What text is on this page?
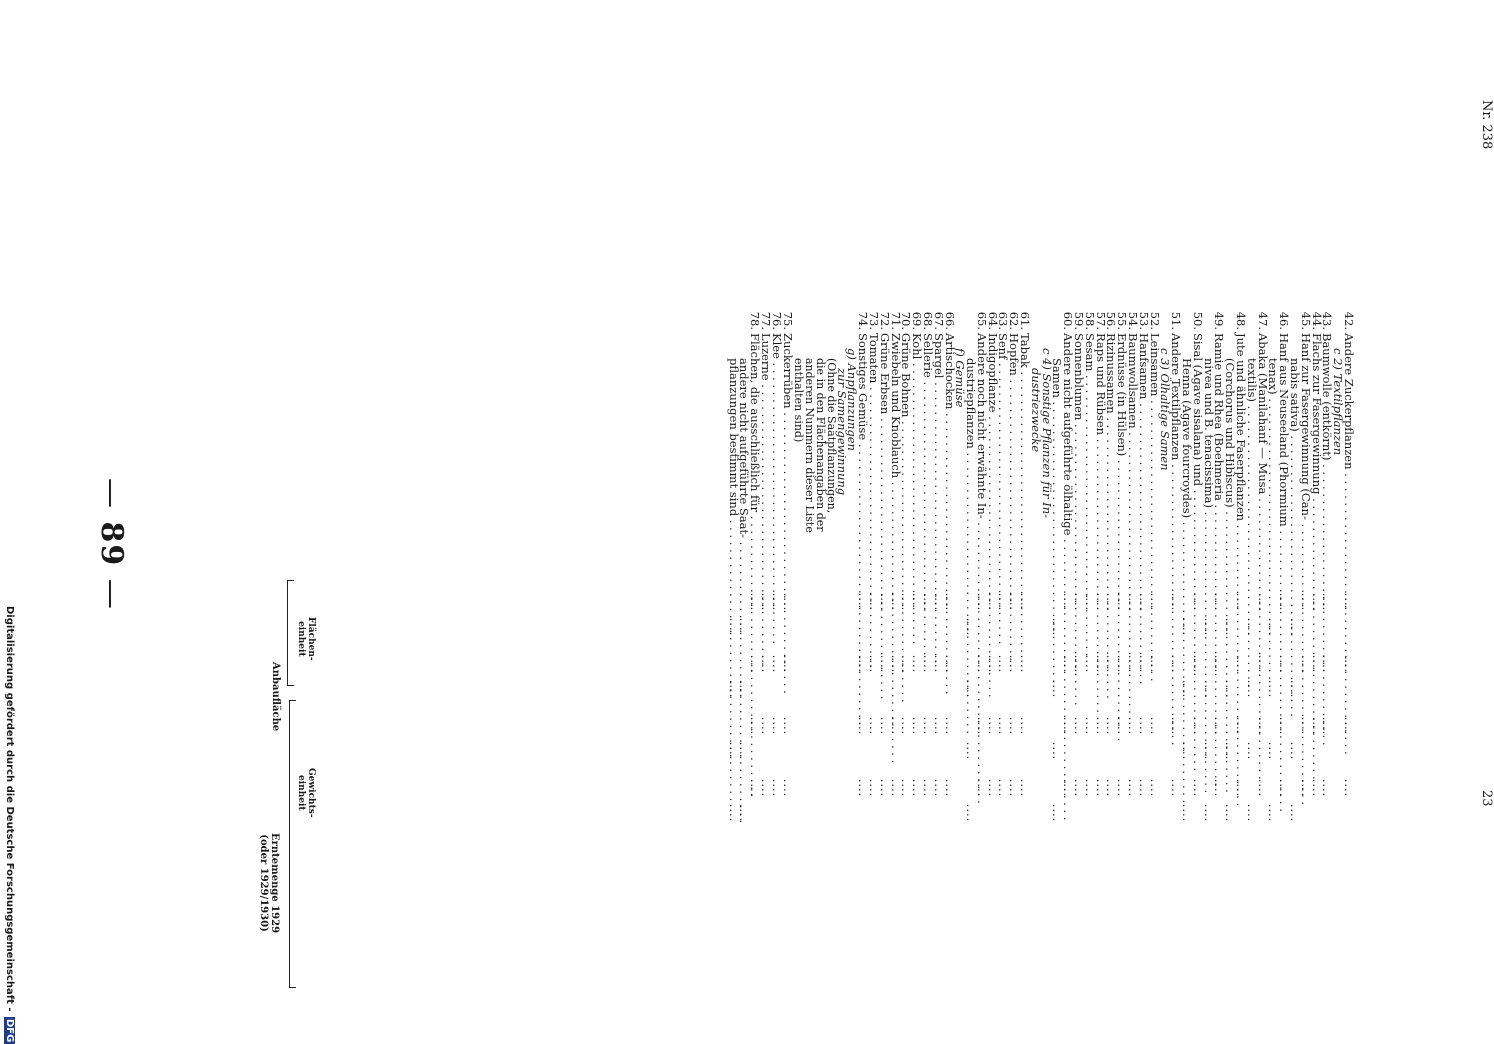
— 89 —
Anbaufläche
Erntemenge 1929
(oder 1929/1930)
Flächen-
einheit
Gewichts-
einheit
42.
Andere Zuckerpflanzen . . .
....
....
....
....
c 2) Textilpflanzen
43.
Baumwolle (entkörnt) . . .
....
....
....
....
44.
Flachs zur Fasergewinnung . . .
....
....
....
....
45.
Hanf zur Fasergewinnung (Can- . . .
....
....
....
....
nabis sativa) . . .
....
....
....
....
46.
Hanf aus Neuseeland (Phormium . . .
....
....
....
....
tenax) . . .
....
....
....
....
47.
Abaka (Manilahanf — Musa . . .
....
....
....
....
textilis) . . .
....
....
....
....
48.
Jute und ähnliche Faserpflanzen . . .
....
....
....
....
(Corchorus und Hibiscus) . . .
....
....
....
....
49.
Ramie und Rhea (Boehmeria . . .
....
....
....
....
nivea und B. tenacissima) . . .
....
....
....
....
50.
Sisal (Agave sisalana) und . . .
....
....
....
....
Henna (Agave fourcroydes) . . .
....
....
....
....
51.
Andere Textilpflanzen . . .
....
....
....
....
c 3) Ölhaltige Samen
52.
Leinsamen . . .
....
....
....
....
53.
Hanfsamen . . .
....
....
....
....
54.
Baumwollsamen . . .
....
....
....
....
55.
Erdnüsse (in Hülsen) . . .
....
....
....
....
56.
Rizinussamen . . .
....
....
....
....
57.
Raps und Rübsen . . .
....
....
....
....
58.
Sesam . . .
....
....
....
....
59.
Sonnenblumen . . .
....
....
....
....
60.
Andere nicht aufgeführte ölhaltige . . .
....
....
....
....
Samen . . .
....
....
....
....
c 4) Sonstige Pflanzen für In-
dustriezwecke
61.
Tabak . . .
....
....
....
....
62.
Hopfen . . .
....
....
....
....
63.
Senf . . .
....
....
....
....
64.
Indigopflanze . . .
....
....
....
....
65.
Andere noch nicht erwähnte In- . . .
....
....
....
....
dustriepflanzen . . .
....
....
....
....
f) Gemüse
66.
Artischocken . . .
....
....
....
....
67.
Spargel . . .
....
....
....
....
68.
Sellerie . . .
....
....
....
....
69.
Kohl . . .
....
....
....
....
70.
Grüne Bohnen . . .
....
....
....
....
71.
Zwiebeln und Knoblauch . . .
....
....
....
....
72.
Grüne Erbsen . . .
....
....
....
....
73.
Tomaten . . .
....
....
....
....
74.
Sonstiges Gemüse . . .
....
....
....
....
g) Anpflanzungen
zur Samengewinnung
(Ohne die Saatpflanzungen,
die in den Flächenangaben der
anderen Nummern dieser Liste
enthalten sind)
75.
Zuckerrüben . . .
....
....
....
....
76.
Klee . . .
....
....
....
....
77.
Luzerne . . .
....
....
....
....
78.
Flächen, die ausschließlich für . . .
....
....
....
....
andere nicht aufgeführte Saat- . . .
....
....
....
....
pflanzungen bestimmt sind . . .
....
....
....
....
Nr. 238
23
Digitalisierung gefördert durch die Deutsche Forschungsgemeinschaft - DFG
